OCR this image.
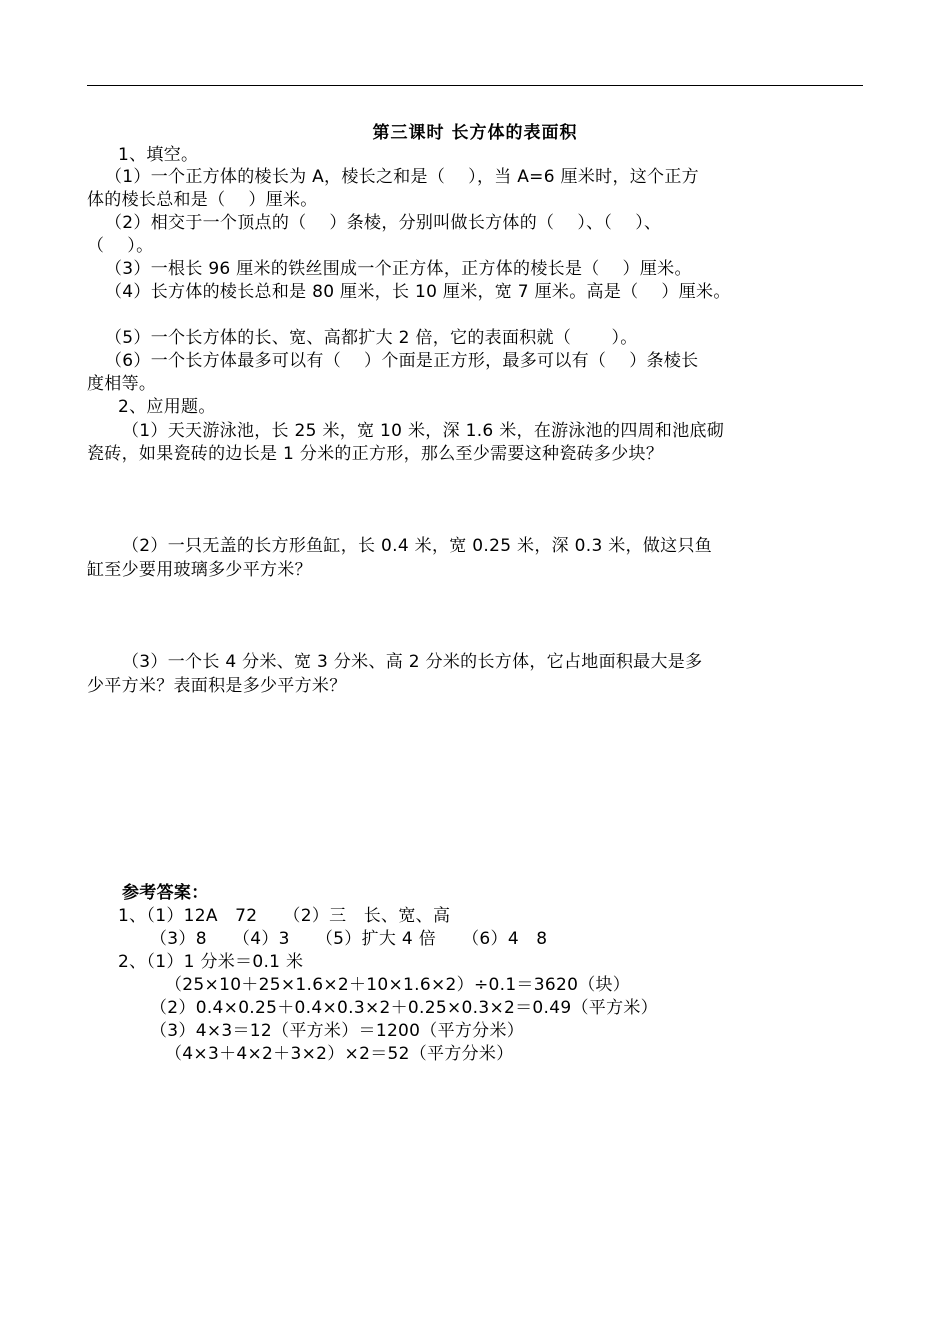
第三课时 长方体的表面积
1、填空。
（1）一个正方体的棱长为 A，棱长之和是（　 ），当 A=6 厘米时，这个正方
体的棱长总和是（　 ）厘米。
（2）相交于一个顶点的（　 ）条棱，分别叫做长方体的（　 ）、（　 ）、
（　 ）。
（3）一根长 96 厘米的铁丝围成一个正方体，正方体的棱长是（　 ）厘米。
（4）长方体的棱长总和是 80 厘米，长 10 厘米，宽 7 厘米。高是（　 ）厘米。
（5）一个长方体的长、宽、高都扩大 2 倍，它的表面积就（　　 ）。
（6）一个长方体最多可以有（　 ）个面是正方形，最多可以有（　 ）条棱长
度相等。
2、应用题。
（1）天天游泳池，长 25 米，宽 10 米，深 1.6 米，在游泳池的四周和池底砌
瓷砖，如果瓷砖的边长是 1 分米的正方形，那么至少需要这种瓷砖多少块？
（2）一只无盖的长方形鱼缸，长 0.4 米，宽 0.25 米，深 0.3 米，做这只鱼
缸至少要用玻璃多少平方米？
（3）一个长 4 分米、宽 3 分米、高 2 分米的长方体，它占地面积最大是多
少平方米？表面积是多少平方米？
参考答案：
1、（1）12A　72　　（2）三　长、宽、高
（3）8　　（4）3　　（5）扩大 4 倍　　（6）4　8
2、（1）1 分米＝0.1 米
（25×10＋25×1.6×2＋10×1.6×2）÷0.1＝3620（块）
（2）0.4×0.25＋0.4×0.3×2＋0.25×0.3×2＝0.49（平方米）
（3）4×3＝12（平方米）＝1200（平方分米）
（4×3＋4×2＋3×2）×2＝52（平方分米）
